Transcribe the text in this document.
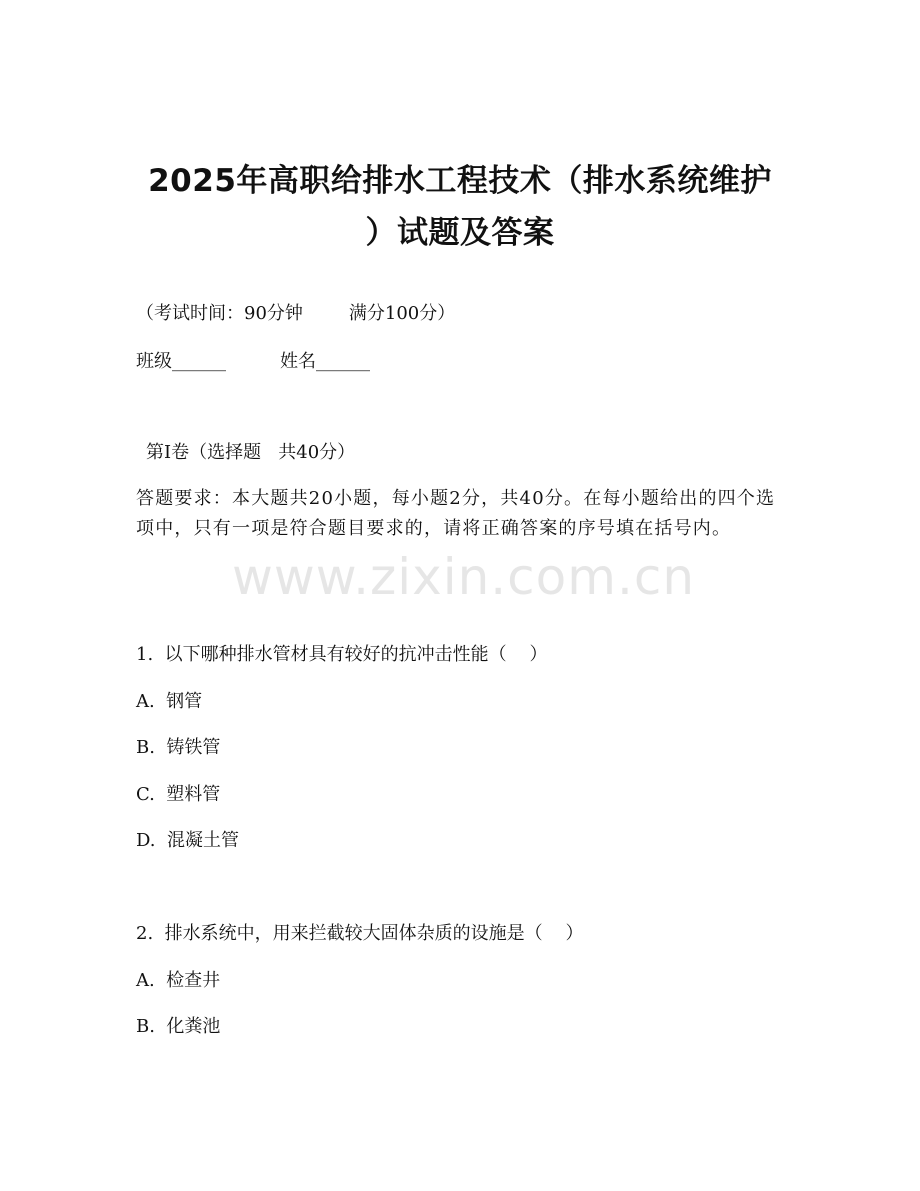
2025年高职给排水工程技术（排水系统维护
）试题及答案
（考试时间：90分钟	满分100分）
班级______	姓名______
第I卷（选择题   共40分）
答题要求：本大题共20小题，每小题2分，共40分。在每小题给出的四个选项中，只有一项是符合题目要求的，请将正确答案的序号填在括号内。
www.zixin.com.cn
1.  以下哪种排水管材具有较好的抗冲击性能（    ）
A.  钢管
B.  铸铁管
C.  塑料管
D.  混凝土管
2.  排水系统中，用来拦截较大固体杂质的设施是（    ）
A.  检查井
B.  化粪池
